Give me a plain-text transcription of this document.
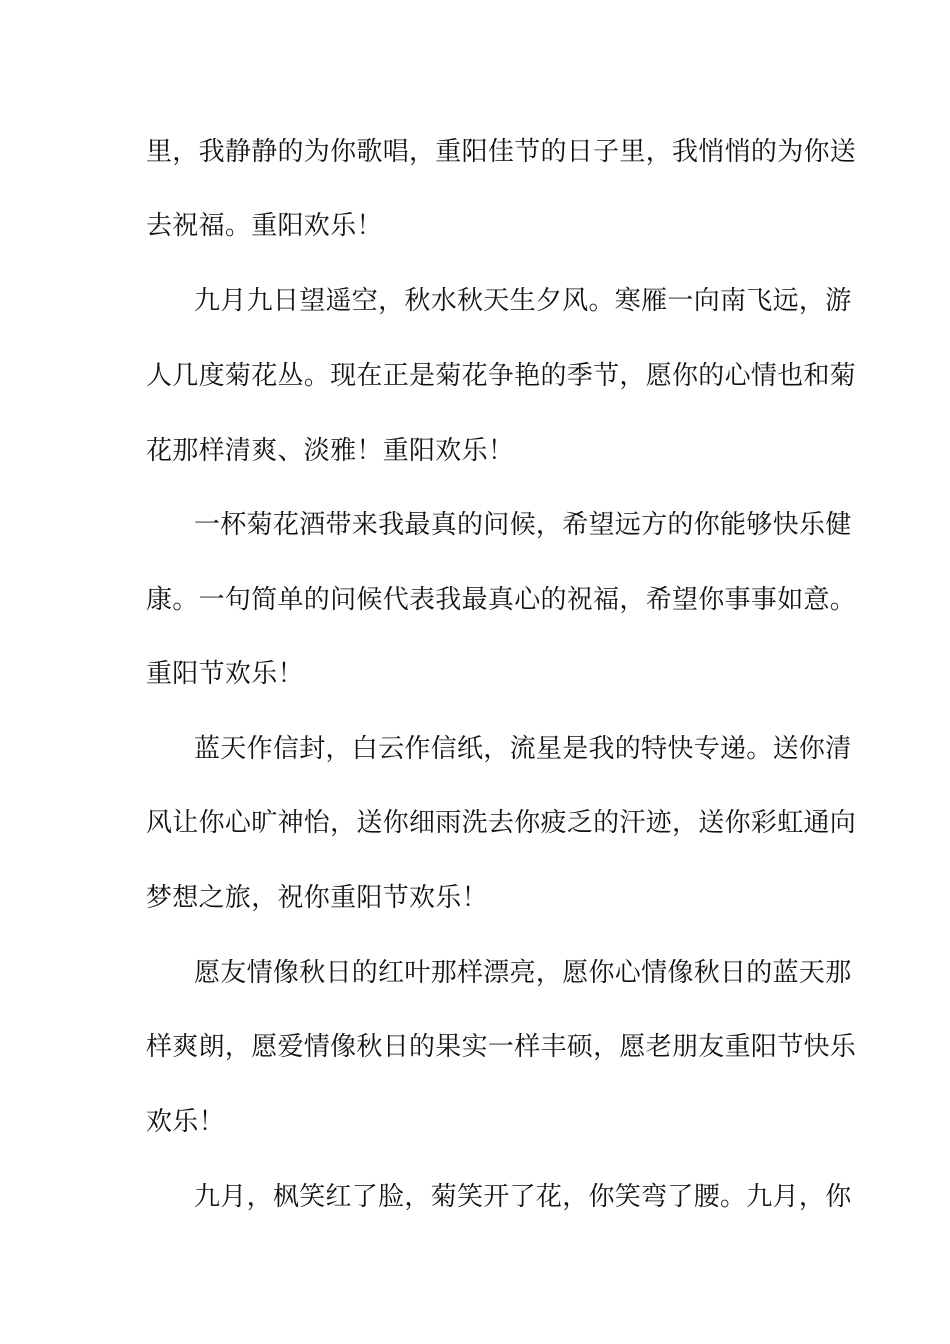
里，我静静的为你歌唱，重阳佳节的日子里，我悄悄的为你送
去祝福。重阳欢乐！
九月九日望遥空，秋水秋天生夕风。寒雁一向南飞远，游
人几度菊花丛。现在正是菊花争艳的季节，愿你的心情也和菊
花那样清爽、淡雅！重阳欢乐！
一杯菊花酒带来我最真的问候，希望远方的你能够快乐健
康。一句简单的问候代表我最真心的祝福，希望你事事如意。
重阳节欢乐！
蓝天作信封，白云作信纸，流星是我的特快专递。送你清
风让你心旷神怡，送你细雨洗去你疲乏的汗迹，送你彩虹通向
梦想之旅，祝你重阳节欢乐！
愿友情像秋日的红叶那样漂亮，愿你心情像秋日的蓝天那
样爽朗，愿爱情像秋日的果实一样丰硕，愿老朋友重阳节快乐
欢乐！
九月，枫笑红了脸，菊笑开了花，你笑弯了腰。九月，你
